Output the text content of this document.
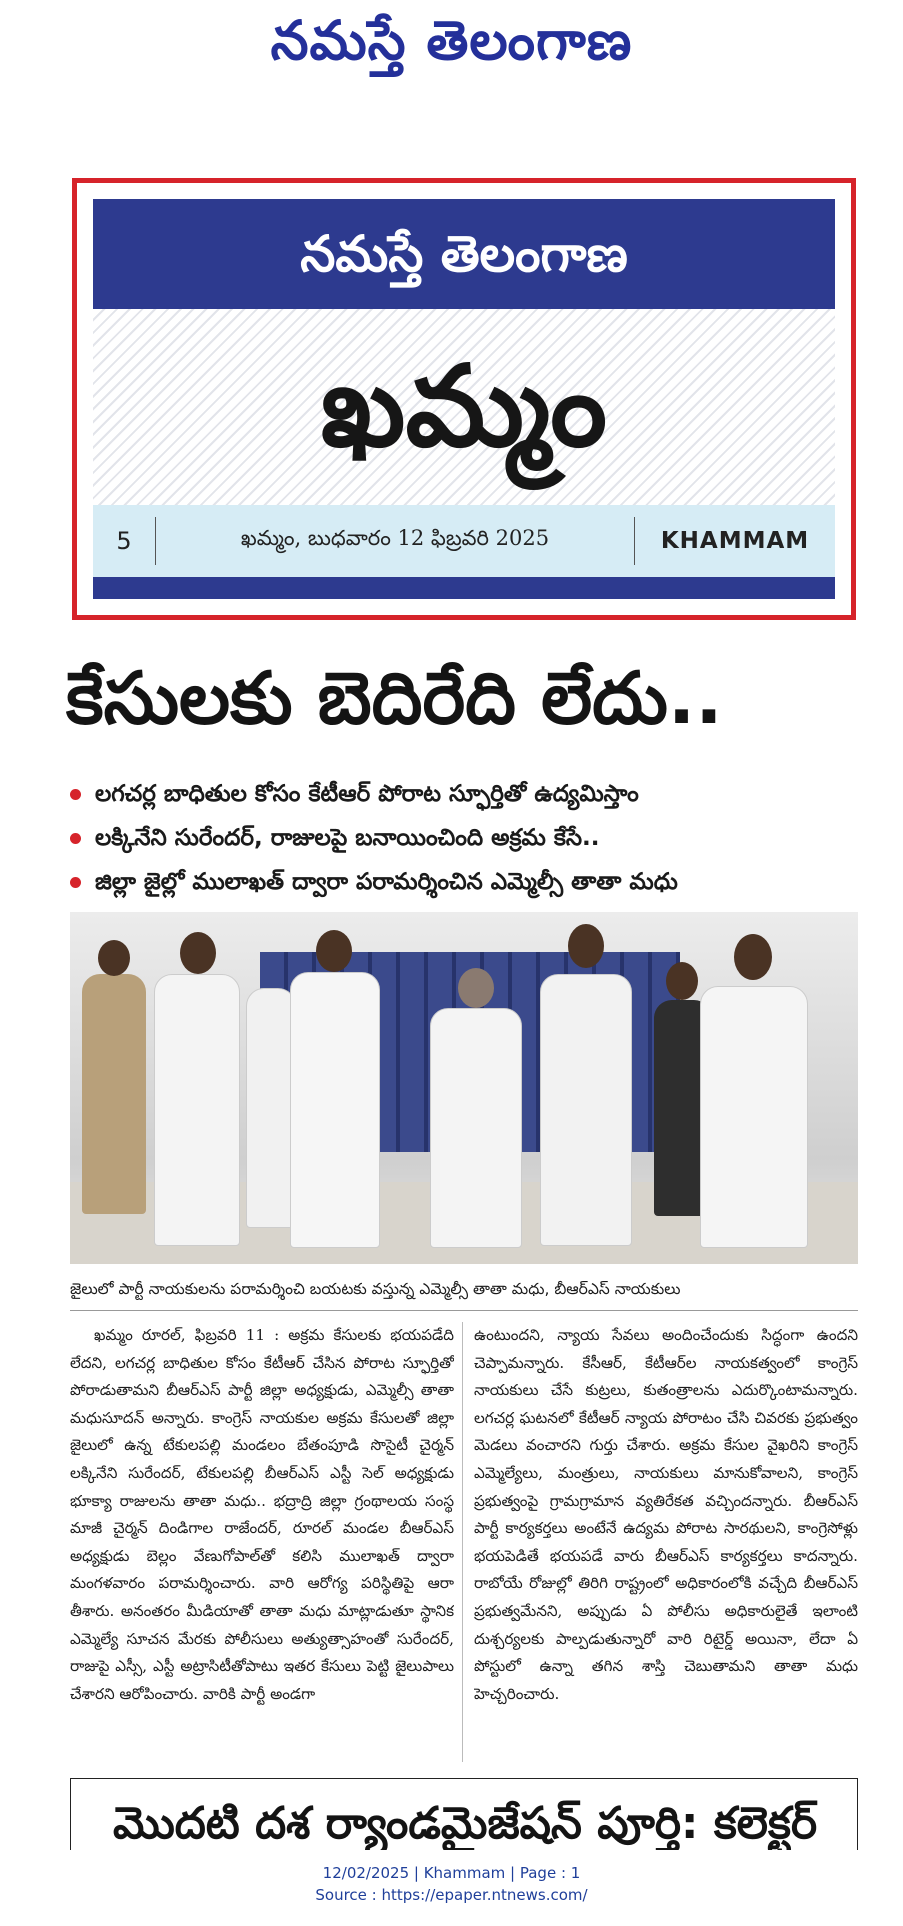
నమస్తే తెలంగాణ
నమస్తే తెలంగాణ
ఖమ్మం
5	ఖమ్మం, బుధవారం 12 ఫిబ్రవరి 2025	KHAMMAM
కేసులకు బెదిరేది లేదు..
లగచర్ల బాధితుల కోసం కేటీఆర్ పోరాట స్ఫూర్తితో ఉద్యమిస్తాం
లక్కినేని సురేందర్, రాజులపై బనాయించింది అక్రమ కేసే..
జిల్లా జైల్లో ములాఖత్ ద్వారా పరామర్శించిన ఎమ్మెల్సీ తాతా మధు
జైలులో పార్టీ నాయకులను పరామర్శించి బయటకు వస్తున్న ఎమ్మెల్సీ తాతా మధు, బీఆర్ఎస్ నాయకులు
ఖమ్మం రూరల్, ఫిబ్రవరి 11 : అక్రమ కేసులకు భయపడేది లేదని, లగచర్ల బాధితుల కోసం కేటీఆర్ చేసిన పోరాట స్ఫూర్తితో పోరాడుతామని బీఆర్ఎస్ పార్టీ జిల్లా అధ్యక్షుడు, ఎమ్మెల్సీ తాతా మధుసూదన్ అన్నారు. కాంగ్రెస్ నాయకుల అక్రమ కేసులతో జిల్లా జైలులో ఉన్న టేకులపల్లి మండలం బేతంపూడి సొసైటీ చైర్మన్ లక్కినేని సురేందర్, టేకులపల్లి బీఆర్ఎస్ ఎస్టీ సెల్ అధ్యక్షుడు భూక్యా రాజులను తాతా మధు.. భద్రాద్రి జిల్లా గ్రంథాలయ సంస్థ మాజీ చైర్మన్ దిండిగాల రాజేందర్, రూరల్ మండల బీఆర్ఎస్ అధ్యక్షుడు బెల్లం వేణుగోపాల్‌తో కలిసి ములాఖత్ ద్వారా మంగళవారం పరామర్శించారు. వారి ఆరోగ్య పరిస్థితిపై ఆరా తీశారు. అనంతరం మీడియాతో తాతా మధు మాట్లాడుతూ స్థానిక ఎమ్మెల్యే సూచన మేరకు పోలీసులు అత్యుత్సాహంతో సురేందర్, రాజుపై ఎస్సీ, ఎస్టీ అట్రాసిటీతోపాటు ఇతర కేసులు పెట్టి జైలుపాలు చేశారని ఆరోపించారు. వారికి పార్టీ అండగా
ఉంటుందని, న్యాయ సేవలు అందించేందుకు సిద్ధంగా ఉందని చెప్పామన్నారు. కేసీఆర్, కేటీఆర్‌ల నాయకత్వంలో కాంగ్రెస్ నాయకులు చేసే కుట్రలు, కుతంత్రాలను ఎదుర్కొంటామన్నారు. లగచర్ల ఘటనలో కేటీఆర్ న్యాయ పోరాటం చేసి చివరకు ప్రభుత్వం మెడలు వంచారని గుర్తు చేశారు. అక్రమ కేసుల వైఖరిని కాంగ్రెస్ ఎమ్మెల్యేలు, మంత్రులు, నాయకులు మానుకోవాలని, కాంగ్రెస్ ప్రభుత్వంపై గ్రామగ్రామాన వ్యతిరేకత వచ్చిందన్నారు. బీఆర్ఎస్ పార్టీ కార్యకర్తలు అంటేనే ఉద్యమ పోరాట సారథులని, కాంగ్రెసోళ్లు భయపెడితే భయపడే వారు బీఆర్ఎస్ కార్యకర్తలు కాదన్నారు. రాబోయే రోజుల్లో తిరిగి రాష్ట్రంలో అధికారంలోకి వచ్చేది బీఆర్ఎస్ ప్రభుత్వమేనని, అప్పుడు ఏ పోలీసు అధికారులైతే ఇలాంటి దుశ్చర్యలకు పాల్పడుతున్నారో వారి రిటైర్డ్ అయినా, లేదా ఏ పోస్టులో ఉన్నా తగిన శాస్తి చెబుతామని తాతా మధు హెచ్చరించారు.
మొదటి దశ ర్యాండమైజేషన్ పూర్తి: కలెక్టర్
12/02/2025 | Khammam | Page : 1
Source : https://epaper.ntnews.com/
